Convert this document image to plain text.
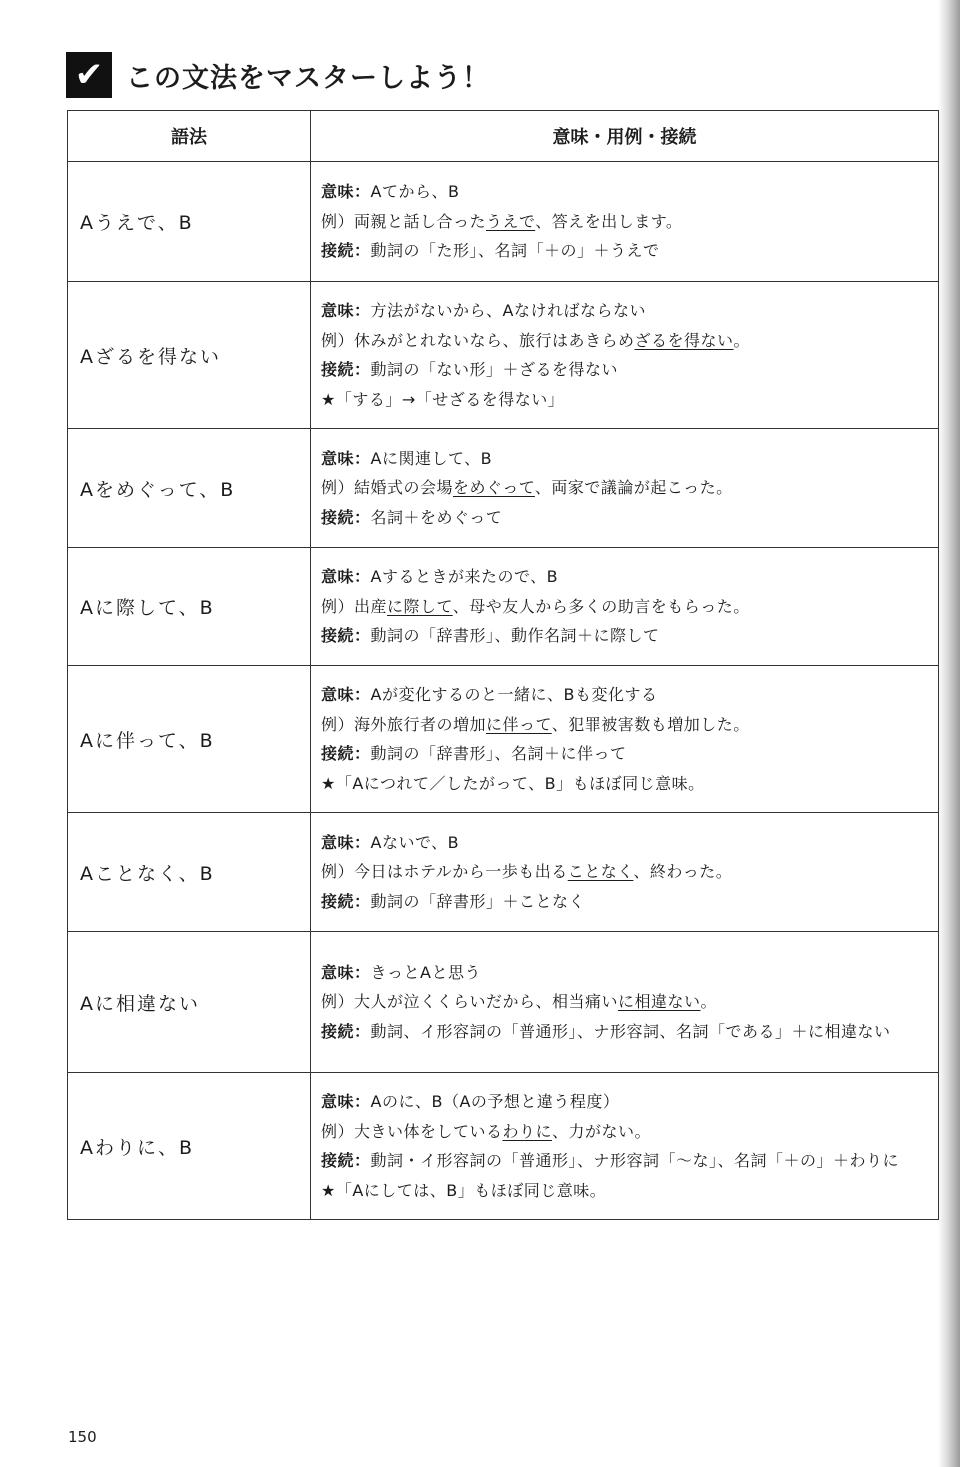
✔ この文法をマスターしよう！
語法	意味・用例・接続
Aうえで、B	意味：Aてから、B
例）両親と話し合ったうえで、答えを出します。
接続：動詞の「た形」、名詞「＋の」＋うえで

Aざるを得ない	意味：方法がないから、Aなければならない
例）休みがとれないなら、旅行はあきらめざるを得ない。
接続：動詞の「ない形」＋ざるを得ない
★「する」→「せざるを得ない」

Aをめぐって、B	意味：Aに関連して、B
例）結婚式の会場をめぐって、両家で議論が起こった。
接続：名詞＋をめぐって

Aに際して、B	意味：Aするときが来たので、B
例）出産に際して、母や友人から多くの助言をもらった。
接続：動詞の「辞書形」、動作名詞＋に際して

Aに伴って、B	意味：Aが変化するのと一緒に、Bも変化する
例）海外旅行者の増加に伴って、犯罪被害数も増加した。
接続：動詞の「辞書形」、名詞＋に伴って
★「Aにつれて／したがって、B」もほぼ同じ意味。

Aことなく、B	意味：Aないで、B
例）今日はホテルから一歩も出ることなく、終わった。
接続：動詞の「辞書形」＋ことなく

Aに相違ない	意味：きっとAと思う
例）大人が泣くくらいだから、相当痛いに相違ない。
接続：動詞、イ形容詞の「普通形」、ナ形容詞、名詞「である」＋に相違ない

Aわりに、B	意味：Aのに、B（Aの予想と違う程度）
例）大きい体をしているわりに、力がない。
接続：動詞・イ形容詞の「普通形」、ナ形容詞「～な」、名詞「＋の」＋わりに
★「Aにしては、B」もほぼ同じ意味。
150
